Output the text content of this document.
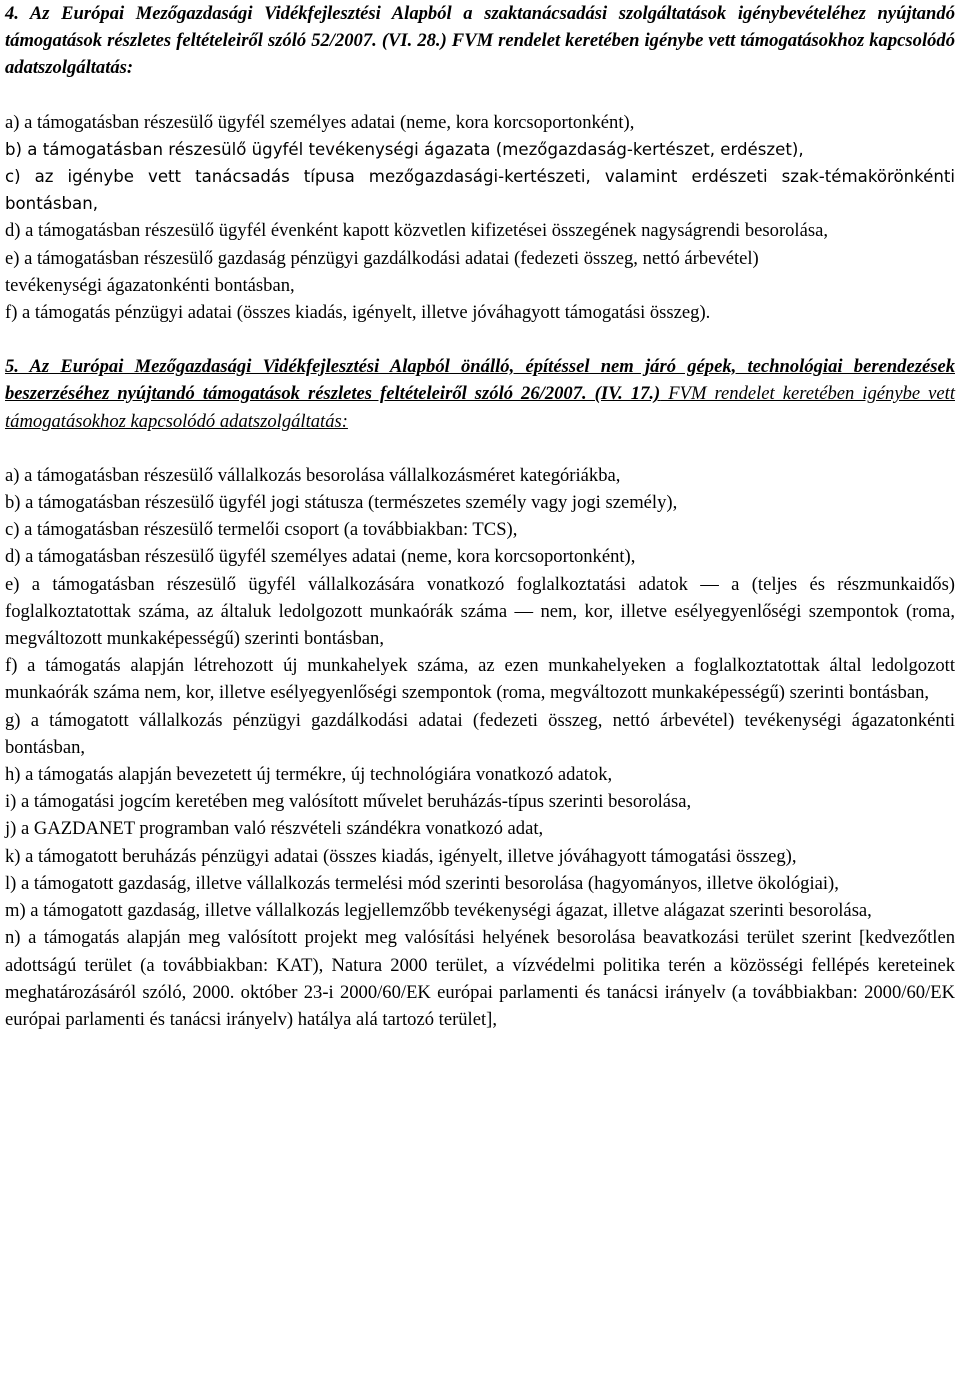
4. Az Európai Mezőgazdasági Vidékfejlesztési Alapból a szaktanácsadási szolgáltatások igénybevételéhez nyújtandó támogatások részletes feltételeiről szóló 52/2007. (VI. 28.) FVM rendelet keretében igénybe vett támogatásokhoz kapcsolódó adatszolgáltatás:

a) a támogatásban részesülő ügyfél személyes adatai (neme, kora korcsoportonként),

b) a támogatásban részesülő ügyfél tevékenységi ágazata (mezőgazdaság-kertészet, erdészet),

c) az igénybe vett tanácsadás típusa mezőgazdasági-kertészeti, valamint erdészeti szak-témakörönkénti bontásban,

d) a támogatásban részesülő ügyfél évenként kapott közvetlen kifizetései összegének nagyságrendi besorolása,

e) a támogatásban részesülő gazdaság pénzügyi gazdálkodási adatai (fedezeti összeg, nettó árbevétel)

tevékenységi ágazatonkénti bontásban,

f) a támogatás pénzügyi adatai (összes kiadás, igényelt, illetve jóváhagyott támogatási összeg).

5. Az Európai Mezőgazdasági Vidékfejlesztési Alapból önálló, építéssel nem járó gépek, technológiai berendezések beszerzéséhez nyújtandó támogatások részletes feltételeiről szóló 26/2007. (IV. 17.) FVM rendelet keretében igénybe vett támogatásokhoz kapcsolódó adatszolgáltatás:

a) a támogatásban részesülő vállalkozás besorolása vállalkozásméret kategóriákba,

b) a támogatásban részesülő ügyfél jogi státusza (természetes személy vagy jogi személy),

c) a támogatásban részesülő termelői csoport (a továbbiakban: TCS),

d) a támogatásban részesülő ügyfél személyes adatai (neme, kora korcsoportonként),

e) a támogatásban részesülő ügyfél vállalkozására vonatkozó foglalkoztatási adatok — a (teljes és részmunkaidős) foglalkoztatottak száma, az általuk ledolgozott munkaórák száma — nem, kor, illetve esélyegyenlőségi szempontok (roma, megváltozott munkaképességű) szerinti bontásban,

f) a támogatás alapján létrehozott új munkahelyek száma, az ezen munkahelyeken a foglalkoztatottak által ledolgozott munkaórák száma nem, kor, illetve esélyegyenlőségi szempontok (roma, megváltozott munkaképességű) szerinti bontásban,

g) a támogatott vállalkozás pénzügyi gazdálkodási adatai (fedezeti összeg, nettó árbevétel) tevékenységi ágazatonkénti bontásban,

h) a támogatás alapján bevezetett új termékre, új technológiára vonatkozó adatok,

i) a támogatási jogcím keretében meg valósított művelet beruházás-típus szerinti besorolása,

j) a GAZDANET programban való részvételi szándékra vonatkozó adat,

k) a támogatott beruházás pénzügyi adatai (összes kiadás, igényelt, illetve jóváhagyott támogatási összeg),

l) a támogatott gazdaság, illetve vállalkozás termelési mód szerinti besorolása (hagyományos, illetve ökológiai),

m) a támogatott gazdaság, illetve vállalkozás legjellemzőbb tevékenységi ágazat, illetve alágazat szerinti besorolása,

n) a támogatás alapján meg valósított projekt meg valósítási helyének besorolása beavatkozási terület szerint [kedvezőtlen adottságú terület (a továbbiakban: KAT), Natura 2000 terület, a vízvédelmi politika terén a közösségi fellépés kereteinek meghatározásáról szóló, 2000. október 23-i 2000/60/EK európai parlamenti és tanácsi irányelv (a továbbiakban: 2000/60/EK európai parlamenti és tanácsi irányelv) hatálya alá tartozó terület],
